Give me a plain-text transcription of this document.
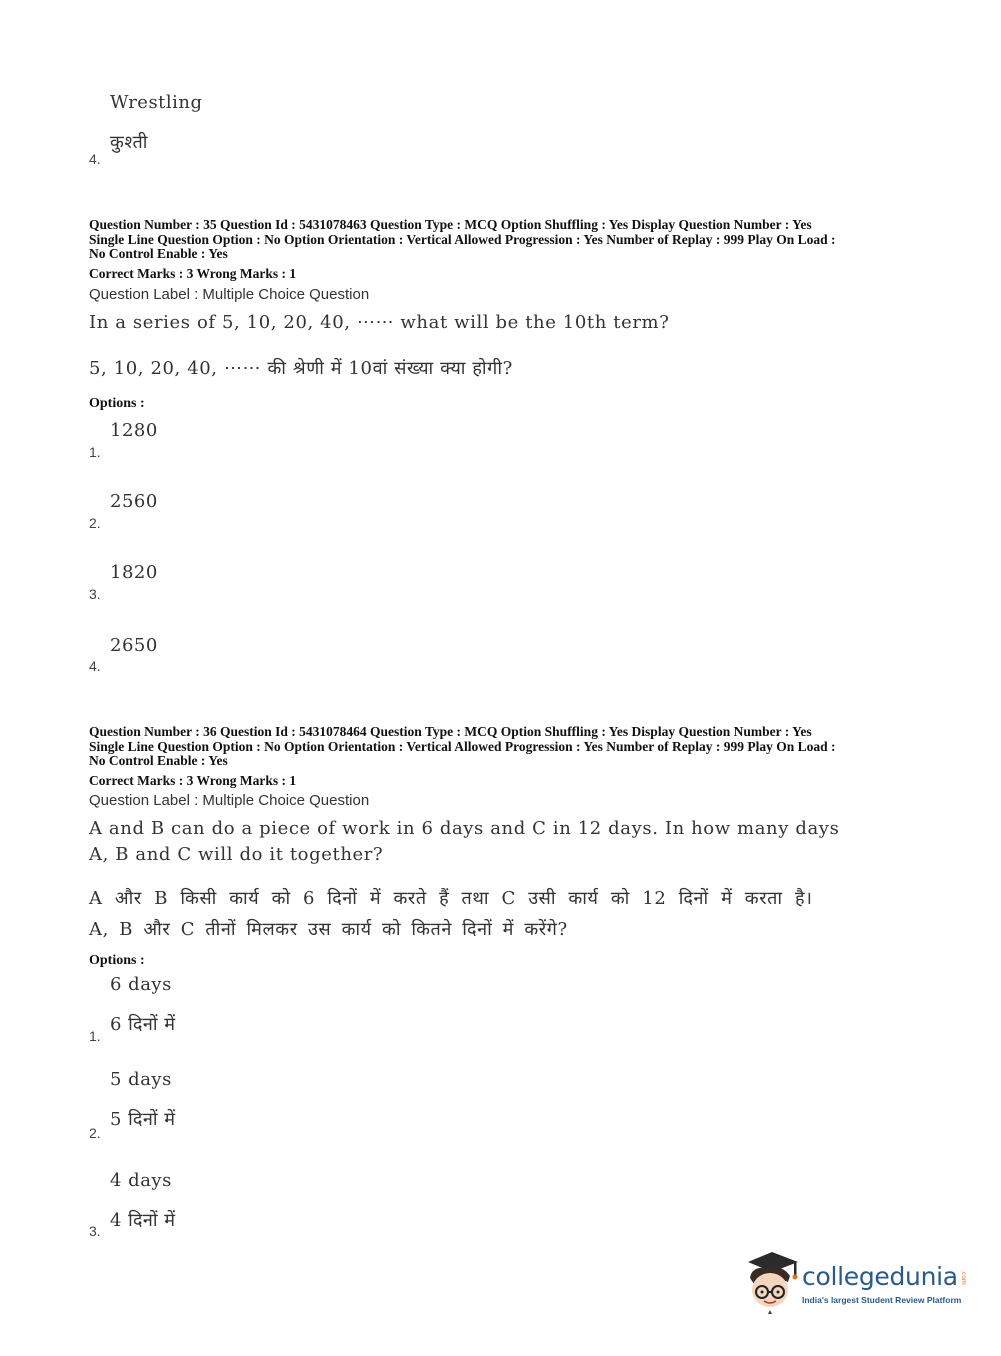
Wrestling
कुश्ती
4.
Question Number : 35 Question Id : 5431078463 Question Type : MCQ Option Shuffling : Yes Display Question Number : Yes
Single Line Question Option : No Option Orientation : Vertical Allowed Progression : Yes Number of Replay : 999 Play On Load :
No Control Enable : Yes
Correct Marks : 3 Wrong Marks : 1
Question Label : Multiple Choice Question
In a series of 5, 10, 20, 40, ⋯⋯ what will be the 10th term?
5, 10, 20, 40, ⋯⋯ की श्रेणी में 10वां संख्या क्या होगी?
Options :
1280
1.
2560
2.
1820
3.
2650
4.
Question Number : 36 Question Id : 5431078464 Question Type : MCQ Option Shuffling : Yes Display Question Number : Yes
Single Line Question Option : No Option Orientation : Vertical Allowed Progression : Yes Number of Replay : 999 Play On Load :
No Control Enable : Yes
Correct Marks : 3 Wrong Marks : 1
Question Label : Multiple Choice Question
A and B can do a piece of work in 6 days and C in 12 days. In how many days
A, B and C will do it together?
A और B किसी कार्य को 6 दिनों में करते हैं तथा C उसी कार्य को 12 दिनों में करता है।
A, B और C तीनों मिलकर उस कार्य को कितने दिनों में करेंगे?
Options :
6 days
6 दिनों में
1.
5 days
5 दिनों में
2.
4 days
4 दिनों में
3.
collegedunia .com
India's largest Student Review Platform
